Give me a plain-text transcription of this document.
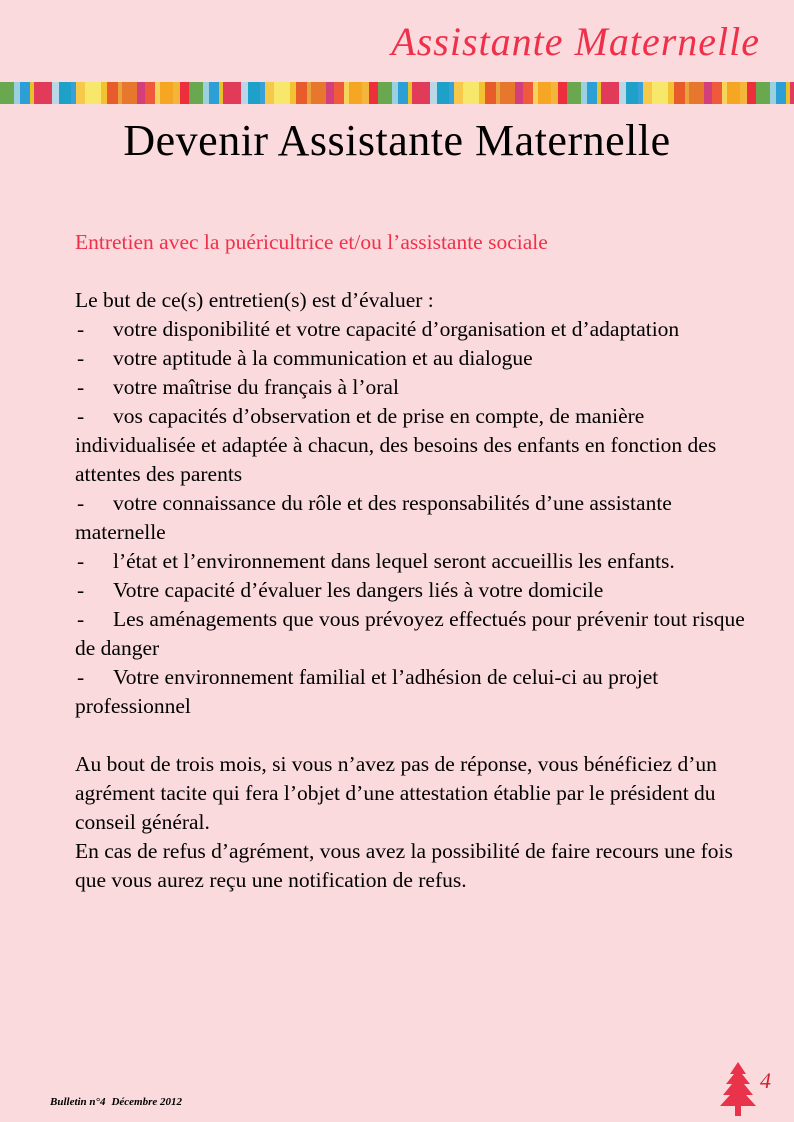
Assistante Maternelle
Devenir Assistante Maternelle

Entretien avec la puéricultrice et/ou l’assistante sociale

Le but de ce(s) entretien(s) est d’évaluer :

- votre disponibilité et votre capacité d’organisation et d’adaptation
- votre aptitude à la communication et au dialogue
- votre maîtrise du français à l’oral
- vos capacités d’observation et de prise en compte, de manière individualisée et adaptée à chacun, des besoins des enfants en fonction des attentes des parents
- votre connaissance du rôle et des responsabilités d’une assistante maternelle
- l’état et l’environnement dans lequel seront accueillis les enfants.
- Votre capacité d’évaluer les dangers liés à votre domicile
- Les aménagements que vous prévoyez effectués pour prévenir tout risque de danger
- Votre environnement familial et l’adhésion de celui-ci au projet professionnel

Au bout de trois mois, si vous n’avez pas de réponse, vous bénéficiez d’un agrément tacite qui fera l’objet d’une attestation établie par le président du conseil général.

En cas de refus d’agrément, vous avez la possibilité de faire recours une fois que vous aurez reçu une notification de refus.

Bulletin n°4 Décembre 2012
4
